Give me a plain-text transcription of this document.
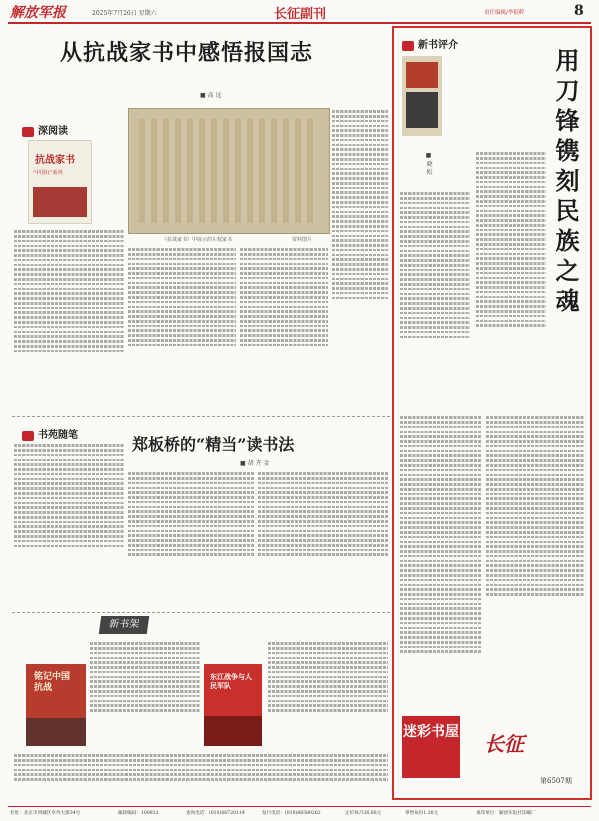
解放军报	2025年7月26日 星期六	长征副刊	责任编辑/李狼粹	8
从抗战家书中感悟报国志
■ 高 远
深阅读
抗战家书
"中国红"系列
《抗战家书》中展示的左权家书	资料图片
书苑随笔	郑板桥的“精当”读书法
■ 胡 卉 金
新书架
铭记中国抗战
东江战争与人民军队
新书评介
用刀锋镌刻民族之魂
■ 晓 松
迷彩书屋 长征
第6507期
社址：北京市西城区阜外大街34号	邮政编码：100832	查询电话：(010)66720114	发行电话：(010)66580262	定价每月26.00元	零售每份1.30元	承印单位：解放军报社印刷厂
